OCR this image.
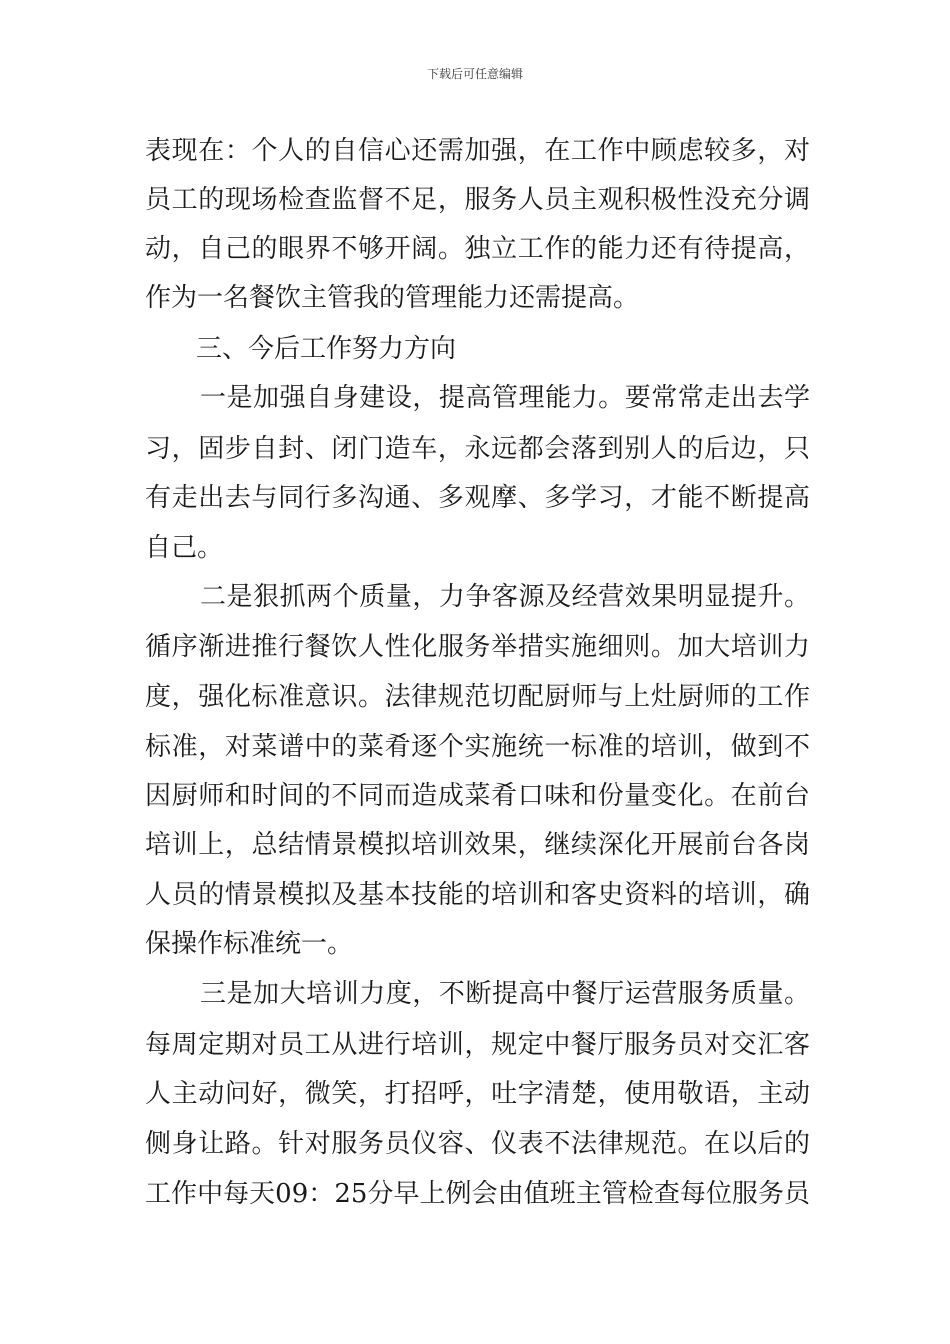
下载后可任意编辑
表现在：个人的自信心还需加强，在工作中顾虑较多，对
员工的现场检查监督不足，服务人员主观积极性没充分调
动，自己的眼界不够开阔。独立工作的能力还有待提高，
作为一名餐饮主管我的管理能力还需提高。
三、今后工作努力方向
一是加强自身建设，提高管理能力。要常常走出去学
习，固步自封、闭门造车，永远都会落到别人的后边，只
有走出去与同行多沟通、多观摩、多学习，才能不断提高
自己。
二是狠抓两个质量，力争客源及经营效果明显提升。
循序渐进推行餐饮人性化服务举措实施细则。加大培训力
度，强化标准意识。法律规范切配厨师与上灶厨师的工作
标准，对菜谱中的菜肴逐个实施统一标准的培训，做到不
因厨师和时间的不同而造成菜肴口味和份量变化。在前台
培训上，总结情景模拟培训效果，继续深化开展前台各岗
人员的情景模拟及基本技能的培训和客史资料的培训，确
保操作标准统一。
三是加大培训力度，不断提高中餐厅运营服务质量。
每周定期对员工从进行培训，规定中餐厅服务员对交汇客
人主动问好，微笑，打招呼，吐字清楚，使用敬语，主动
侧身让路。针对服务员仪容、仪表不法律规范。在以后的
工作中每天09：25分早上例会由值班主管检查每位服务员
